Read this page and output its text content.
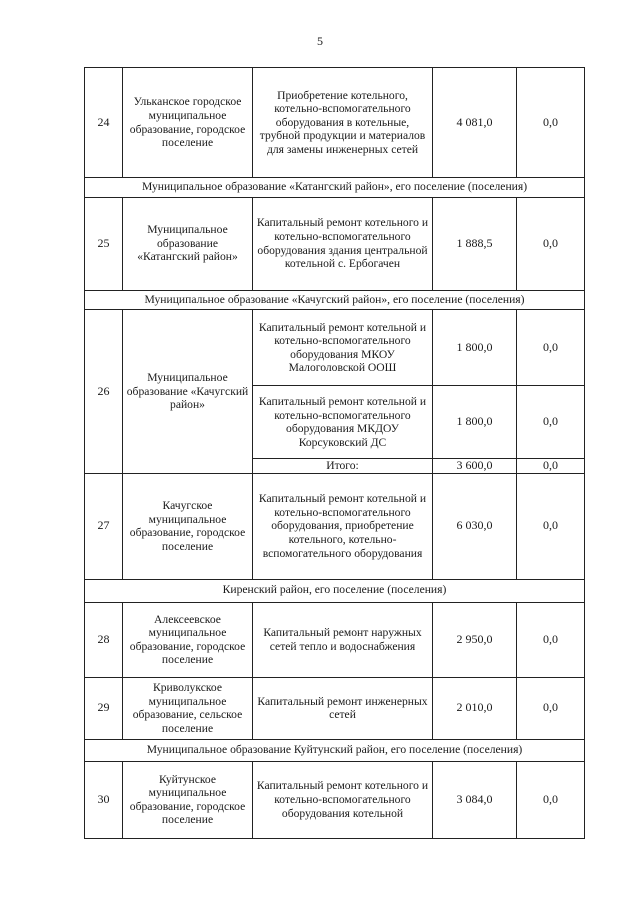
5
24	Улькaнское городское муниципальное образование, городское поселение	Приобретение котельного, котельно-вспомогательного оборудования в котельные, трубной продукции и материалов для замены инженерных сетей	4 081,0	0,0
Муниципальное образование «Катангский район», его поселение (поселения)				
25	Муниципальное образование «Катангский район»	Капитальный ремонт котельного и котельно-вспомогательного оборудования здания центральной котельной с. Ербогачен	1 888,5	0,0
Муниципальное образование «Качугский район», его поселение (поселения)				
26	Муниципальное образование «Качугский район»	Капитальный ремонт котельной и котельно-вспомогательного оборудования МКОУ Малоголовской ООШ	1 800,0	0,0
		Капитальный ремонт котельной и котельно-вспомогательного оборудования МКДОУ Корсуковский ДС	1 800,0	0,0
		Итого:	3 600,0	0,0
27	Качугское муниципальное образование, городское поселение	Капитальный ремонт котельной и котельно-вспомогательного оборудования, приобретение котельного, котельно-вспомогательного оборудования	6 030,0	0,0
Киренский район, его поселение (поселения)				
28	Алексеевское муниципальное образование, городское поселение	Капитальный ремонт наружных сетей тепло и водоснабжения	2 950,0	0,0
29	Криволукское муниципальное образование, сельское поселение	Капитальный ремонт инженерных сетей	2 010,0	0,0
Муниципальное образование Куйтунский район, его поселение (поселения)				
30	Куйтунское муниципальное образование, городское поселение	Капитальный ремонт котельного и котельно-вспомогательного оборудования котельной	3 084,0	0,0
